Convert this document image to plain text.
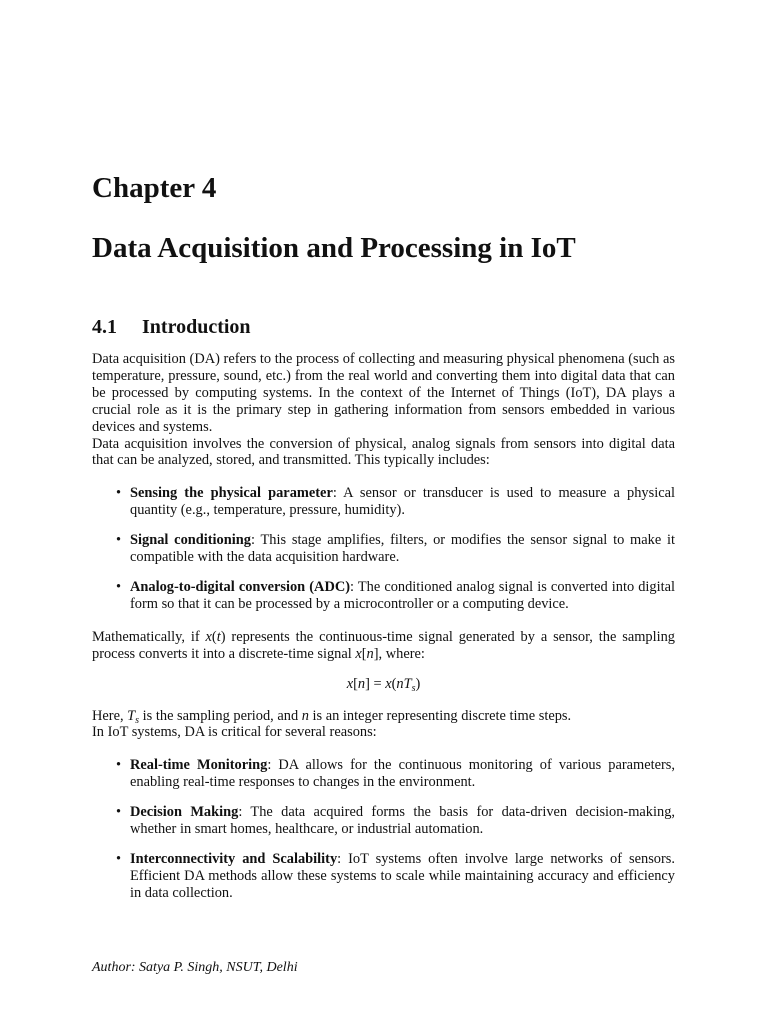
Chapter 4
Data Acquisition and Processing in IoT
4.1 Introduction

Data acquisition (DA) refers to the process of collecting and measuring physical phenomena (such as temperature, pressure, sound, etc.) from the real world and converting them into digital data that can be processed by computing systems. In the context of the Internet of Things (IoT), DA plays a crucial role as it is the primary step in gathering information from sensors embedded in various devices and systems.

Data acquisition involves the conversion of physical, analog signals from sensors into digital data that can be analyzed, stored, and transmitted. This typically includes:

• Sensing the physical parameter: A sensor or transducer is used to measure a physical quantity (e.g., temperature, pressure, humidity).
• Signal conditioning: This stage amplifies, filters, or modifies the sensor signal to make it compatible with the data acquisition hardware.
• Analog-to-digital conversion (ADC): The conditioned analog signal is converted into digital form so that it can be processed by a microcontroller or a computing device.

Mathematically, if x(t) represents the continuous-time signal generated by a sensor, the sampling process converts it into a discrete-time signal x[n], where:

$x[n] = x(nT_s)$

Here, $T_s$ is the sampling period, and n is an integer representing discrete time steps.

In IoT systems, DA is critical for several reasons:

• Real-time Monitoring: DA allows for the continuous monitoring of various parameters, enabling real-time responses to changes in the environment.
• Decision Making: The data acquired forms the basis for data-driven decision-making, whether in smart homes, healthcare, or industrial automation.
• Interconnectivity and Scalability: IoT systems often involve large networks of sensors. Efficient DA methods allow these systems to scale while maintaining accuracy and efficiency in data collection.
Author: Satya P. Singh, NSUT, Delhi
